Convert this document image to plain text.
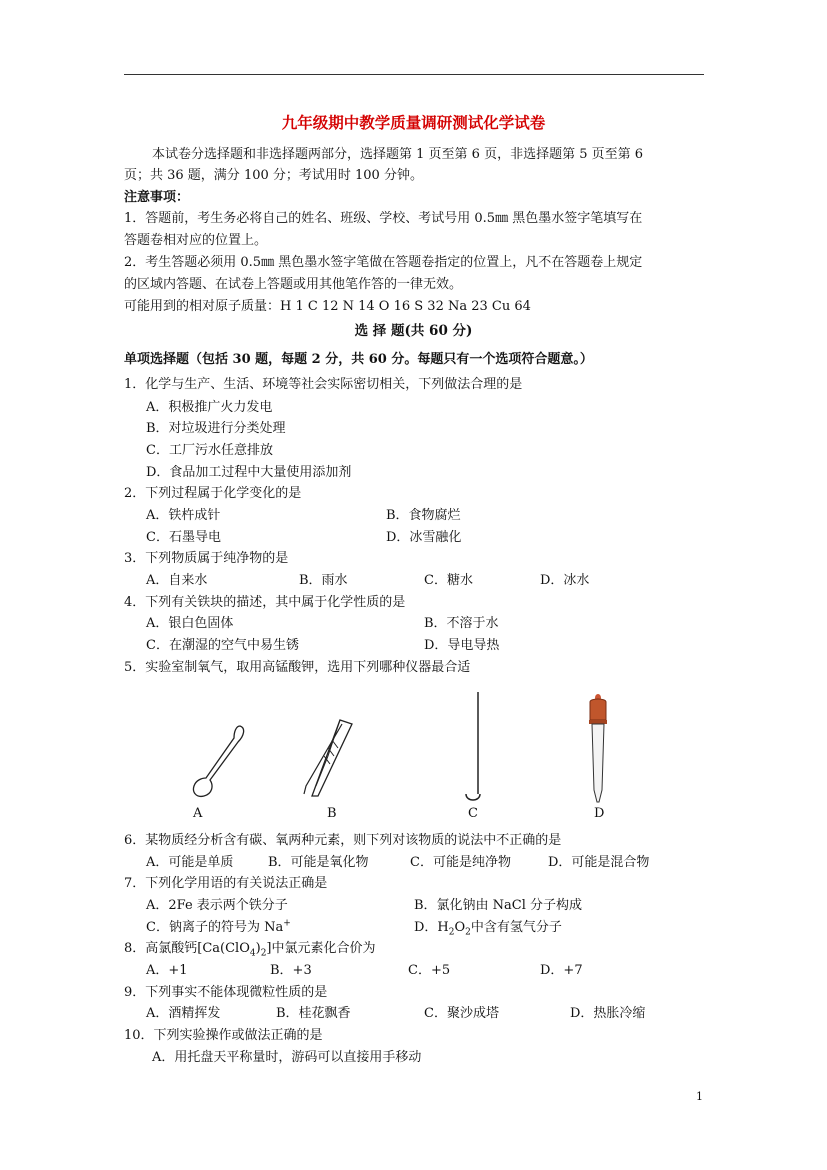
九年级期中教学质量调研测试化学试卷
本试卷分选择题和非选择题两部分，选择题第 1 页至第 6 页，非选择题第 5 页至第 6
页；共 36 题，满分 100 分；考试用时 100 分钟。
注意事项：
1．答题前，考生务必将自己的姓名、班级、学校、考试号用 0.5㎜ 黑色墨水签字笔填写在
答题卷相对应的位置上。
2．考生答题必须用 0.5㎜ 黑色墨水签字笔做在答题卷指定的位置上，凡不在答题卷上规定
的区域内答题、在试卷上答题或用其他笔作答的一律无效。
可能用到的相对原子质量：H 1 C 12 N 14 O 16 S 32 Na 23 Cu 64
选 择 题(共 60 分)
单项选择题（包括 30 题，每题 2 分，共 60 分。每题只有一个选项符合题意。）
1．化学与生产、生活、环境等社会实际密切相关，下列做法合理的是
A．积极推广火力发电
B．对垃圾进行分类处理
C．工厂污水任意排放
D．食品加工过程中大量使用添加剂
2．下列过程属于化学变化的是
A．铁杵成针	B．食物腐烂
C．石墨导电	D．冰雪融化
3．下列物质属于纯净物的是
A．自来水	B．雨水	C．糖水	D．冰水
4．下列有关铁块的描述，其中属于化学性质的是
A．银白色固体	B．不溶于水
C．在潮湿的空气中易生锈	D．导电导热
5．实验室制氧气，取用高锰酸钾，选用下列哪种仪器最合适
A	B	C	D
6．某物质经分析含有碳、氧两种元素，则下列对该物质的说法中不正确的是
A．可能是单质	B．可能是氧化物	C．可能是纯净物	D．可能是混合物
7．下列化学用语的有关说法正确是
A．2Fe 表示两个铁分子	B．氯化钠由 NaCl 分子构成
C．钠离子的符号为 Na+	D．$H_2O_2$中含有氢气分子
8．高氯酸钙$[Ca(ClO_4)_2]$中氯元素化合价为
A．+1	B．+3	C．+5	D．+7
9．下列事实不能体现微粒性质的是
A．酒精挥发	B．桂花飘香	C．聚沙成塔	D．热胀冷缩
10．下列实验操作或做法正确的是
A．用托盘天平称量时，游码可以直接用手移动
1
